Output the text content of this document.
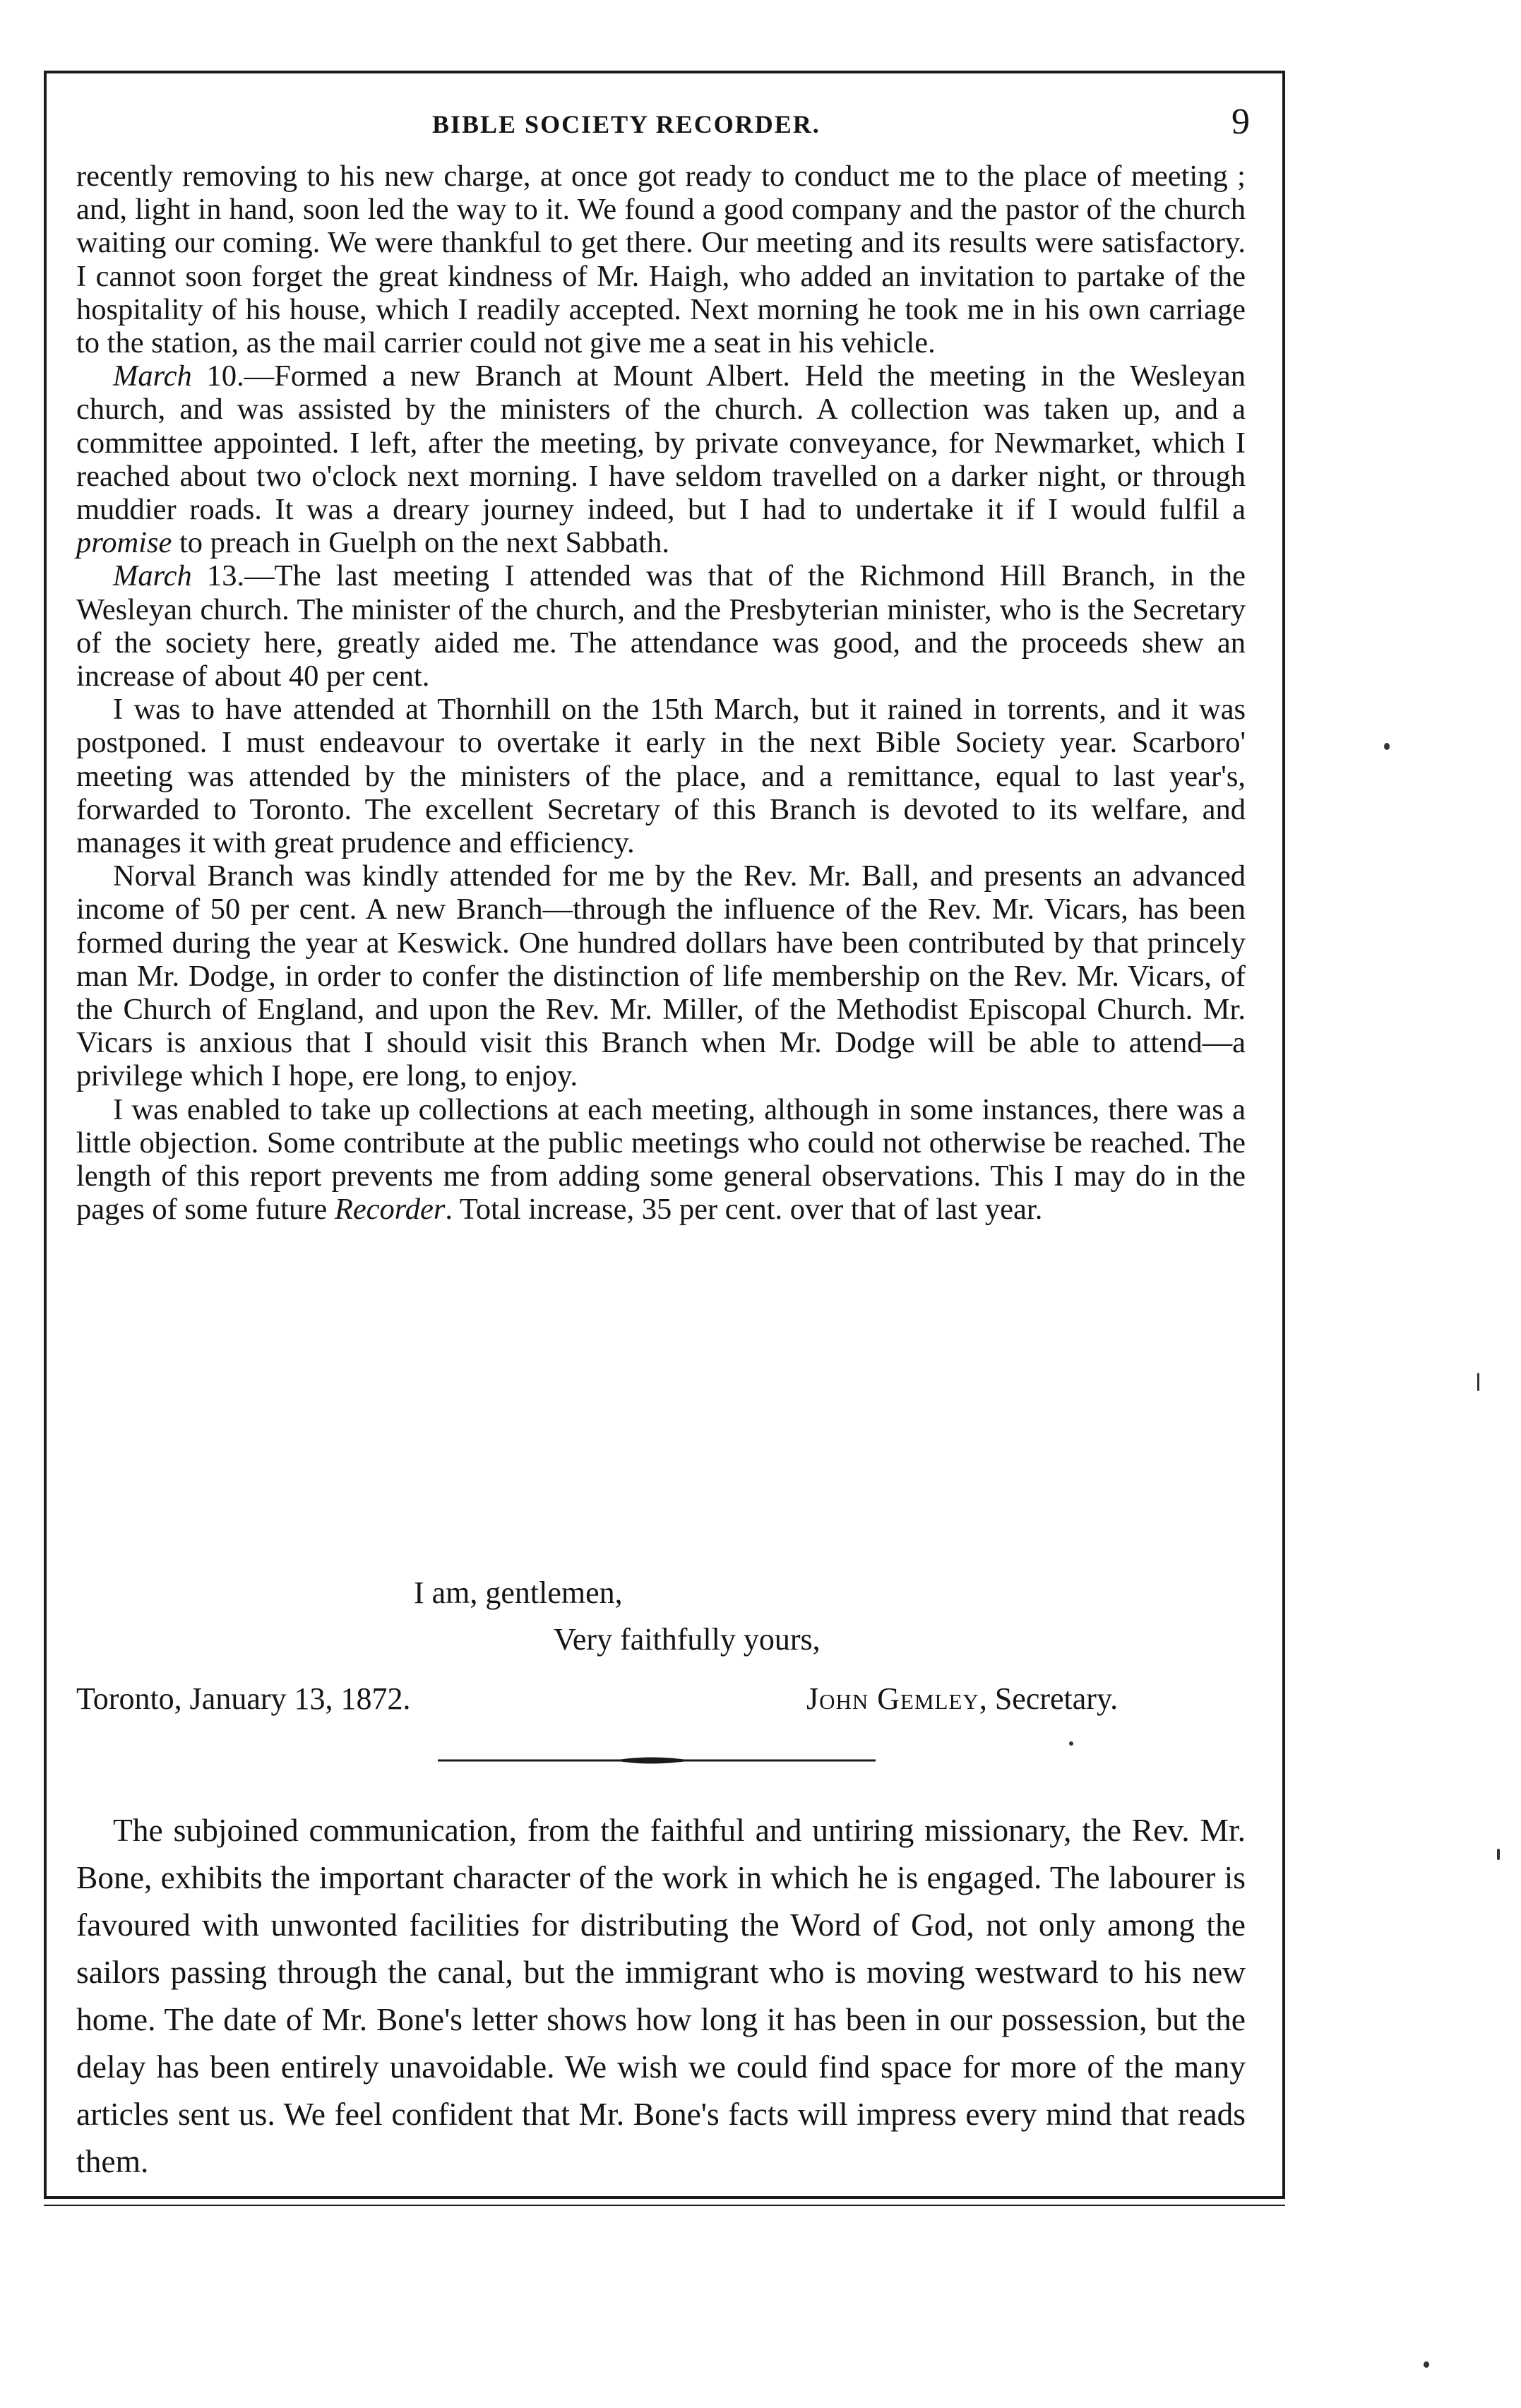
BIBLE SOCIETY RECORDER.	9

recently removing to his new charge, at once got ready to conduct me to the place of meeting ; and, light in hand, soon led the way to it. We found a good company and the pastor of the church waiting our coming. We were thankful to get there. Our meeting and its results were satisfactory. I cannot soon forget the great kindness of Mr. Haigh, who added an invitation to partake of the hospitality of his house, which I readily accepted. Next morning he took me in his own carriage to the station, as the mail carrier could not give me a seat in his vehicle.

March 10.—Formed a new Branch at Mount Albert. Held the meeting in the Wesleyan church, and was assisted by the ministers of the church. A collection was taken up, and a committee appointed. I left, after the meeting, by private conveyance, for Newmarket, which I reached about two o'clock next morning. I have seldom travelled on a darker night, or through muddier roads. It was a dreary journey indeed, but I had to undertake it if I would fulfil a promise to preach in Guelph on the next Sabbath.

March 13.—The last meeting I attended was that of the Richmond Hill Branch, in the Wesleyan church. The minister of the church, and the Presbyterian minister, who is the Secretary of the society here, greatly aided me. The attendance was good, and the proceeds shew an increase of about 40 per cent.

I was to have attended at Thornhill on the 15th March, but it rained in torrents, and it was postponed. I must endeavour to overtake it early in the next Bible Society year. Scarboro' meeting was attended by the ministers of the place, and a remittance, equal to last year's, forwarded to Toronto. The excellent Secretary of this Branch is devoted to its welfare, and manages it with great prudence and efficiency.

Norval Branch was kindly attended for me by the Rev. Mr. Ball, and presents an advanced income of 50 per cent. A new Branch—through the influence of the Rev. Mr. Vicars, has been formed during the year at Keswick. One hundred dollars have been contributed by that princely man Mr. Dodge, in order to confer the distinction of life membership on the Rev. Mr. Vicars, of the Church of England, and upon the Rev. Mr. Miller, of the Methodist Episcopal Church. Mr. Vicars is anxious that I should visit this Branch when Mr. Dodge will be able to attend—a privilege which I hope, ere long, to enjoy.

I was enabled to take up collections at each meeting, although in some instances, there was a little objection. Some contribute at the public meetings who could not otherwise be reached. The length of this report prevents me from adding some general observations. This I may do in the pages of some future Recorder. Total increase, 35 per cent. over that of last year.

I am, gentlemen,
Very faithfully yours,
Toronto, January 13, 1872.	John Gemley, Secretary.

The subjoined communication, from the faithful and untiring missionary, the Rev. Mr. Bone, exhibits the important character of the work in which he is engaged. The labourer is favoured with unwonted facilities for distributing the Word of God, not only among the sailors passing through the canal, but the immigrant who is moving westward to his new home. The date of Mr. Bone's letter shows how long it has been in our possession, but the delay has been entirely unavoidable. We wish we could find space for more of the many articles sent us. We feel confident that Mr. Bone's facts will impress every mind that reads them.
